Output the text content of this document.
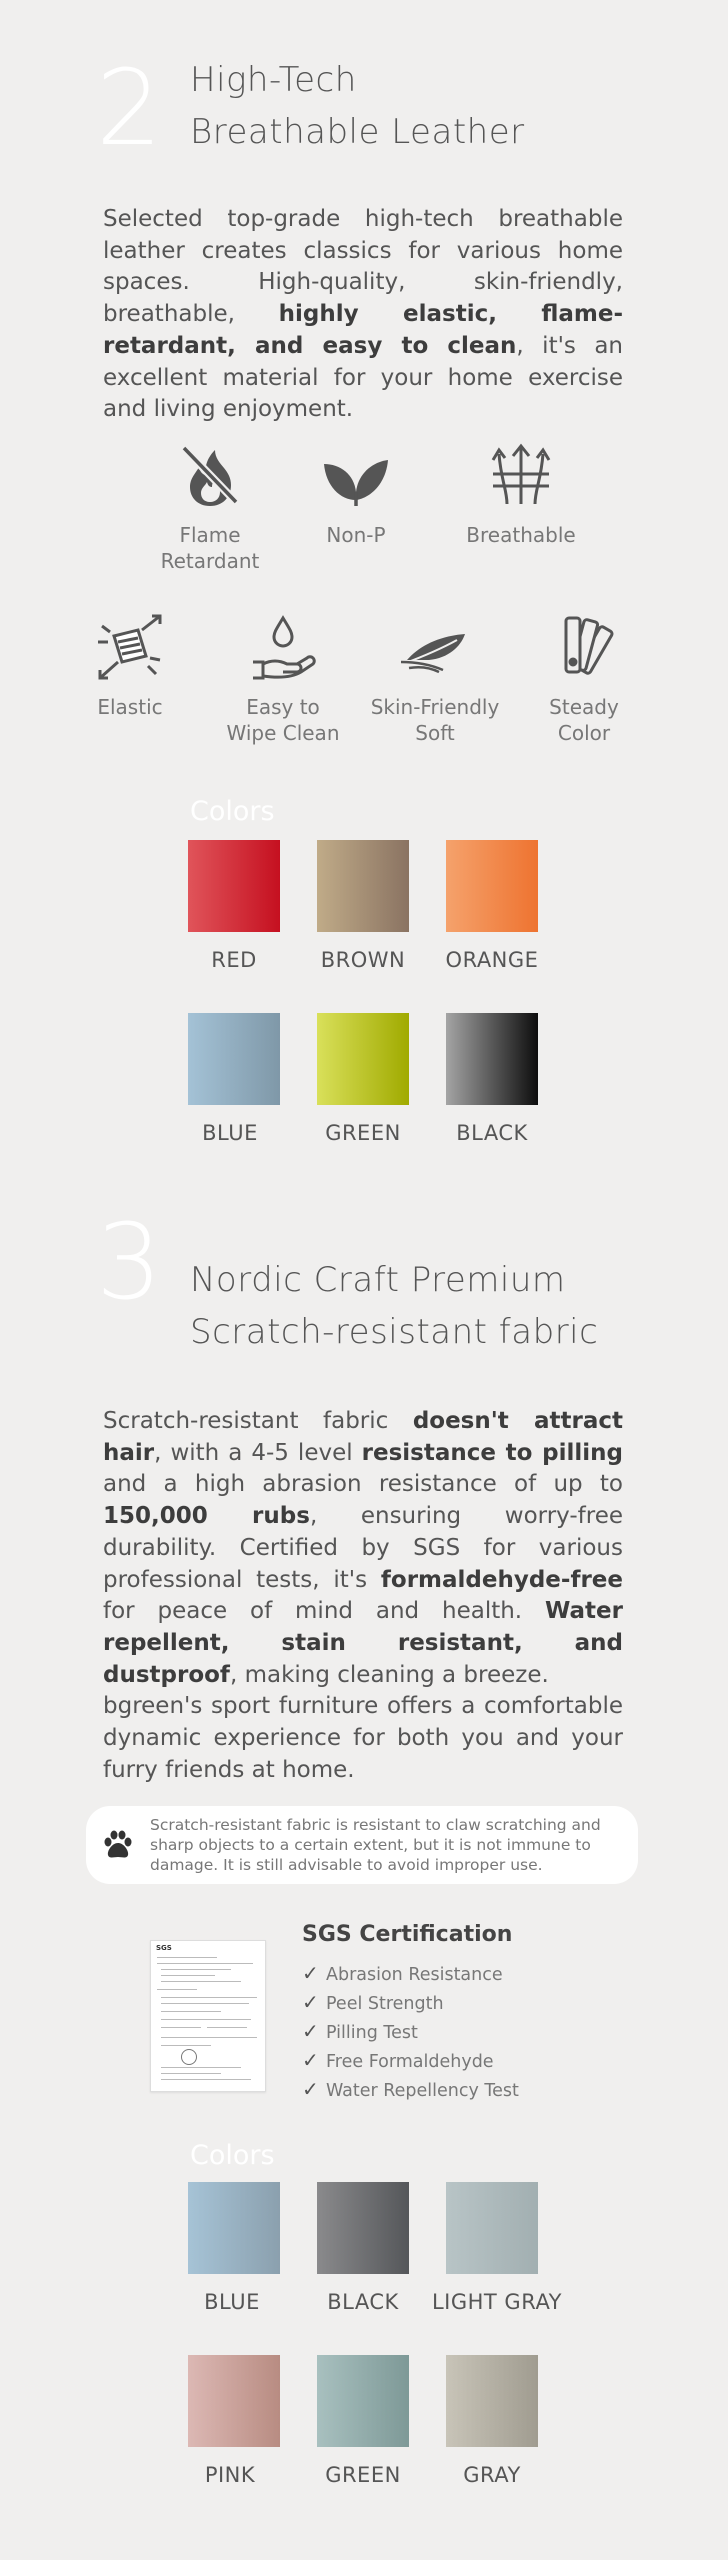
2 High-Tech
Breathable Leather
Selected top-grade high-tech breathable leather creates classics for various home spaces. High-quality, skin-friendly, breathable, highly elastic, flame-retardant, and easy to clean, it's an excellent material for your home exercise and living enjoyment.
Flame
Retardant
Non-P	Breathable
Elastic	Easy to
Wipe Clean
Skin-Friendly
Soft
Steady
Color
Colors
RED	BROWN	ORANGE
BLUE	GREEN	BLACK
3 Nordic Craft Premium
Scratch-resistant fabric
Scratch-resistant fabric doesn't attract hair, with a 4-5 level resistance to pilling and a high abrasion resistance of up to 150,000 rubs, ensuring worry-free durability. Certified by SGS for various professional tests, it's formaldehyde-free for peace of mind and health. Water repellent, stain resistant, and dustproof, making cleaning a breeze.
bgreen's sport furniture offers a comfortable dynamic experience for both you and your furry friends at home.
Scratch-resistant fabric is resistant to claw scratching and sharp objects to a certain extent, but it is not immune to damage. It is still advisable to avoid improper use.
SGS
SGS Certification
✓ Abrasion Resistance
✓ Peel Strength
✓ Pilling Test
✓ Free Formaldehyde
✓ Water Repellency Test
Colors
BLUE	BLACK	LIGHT GRAY
PINK	GREEN	GRAY
